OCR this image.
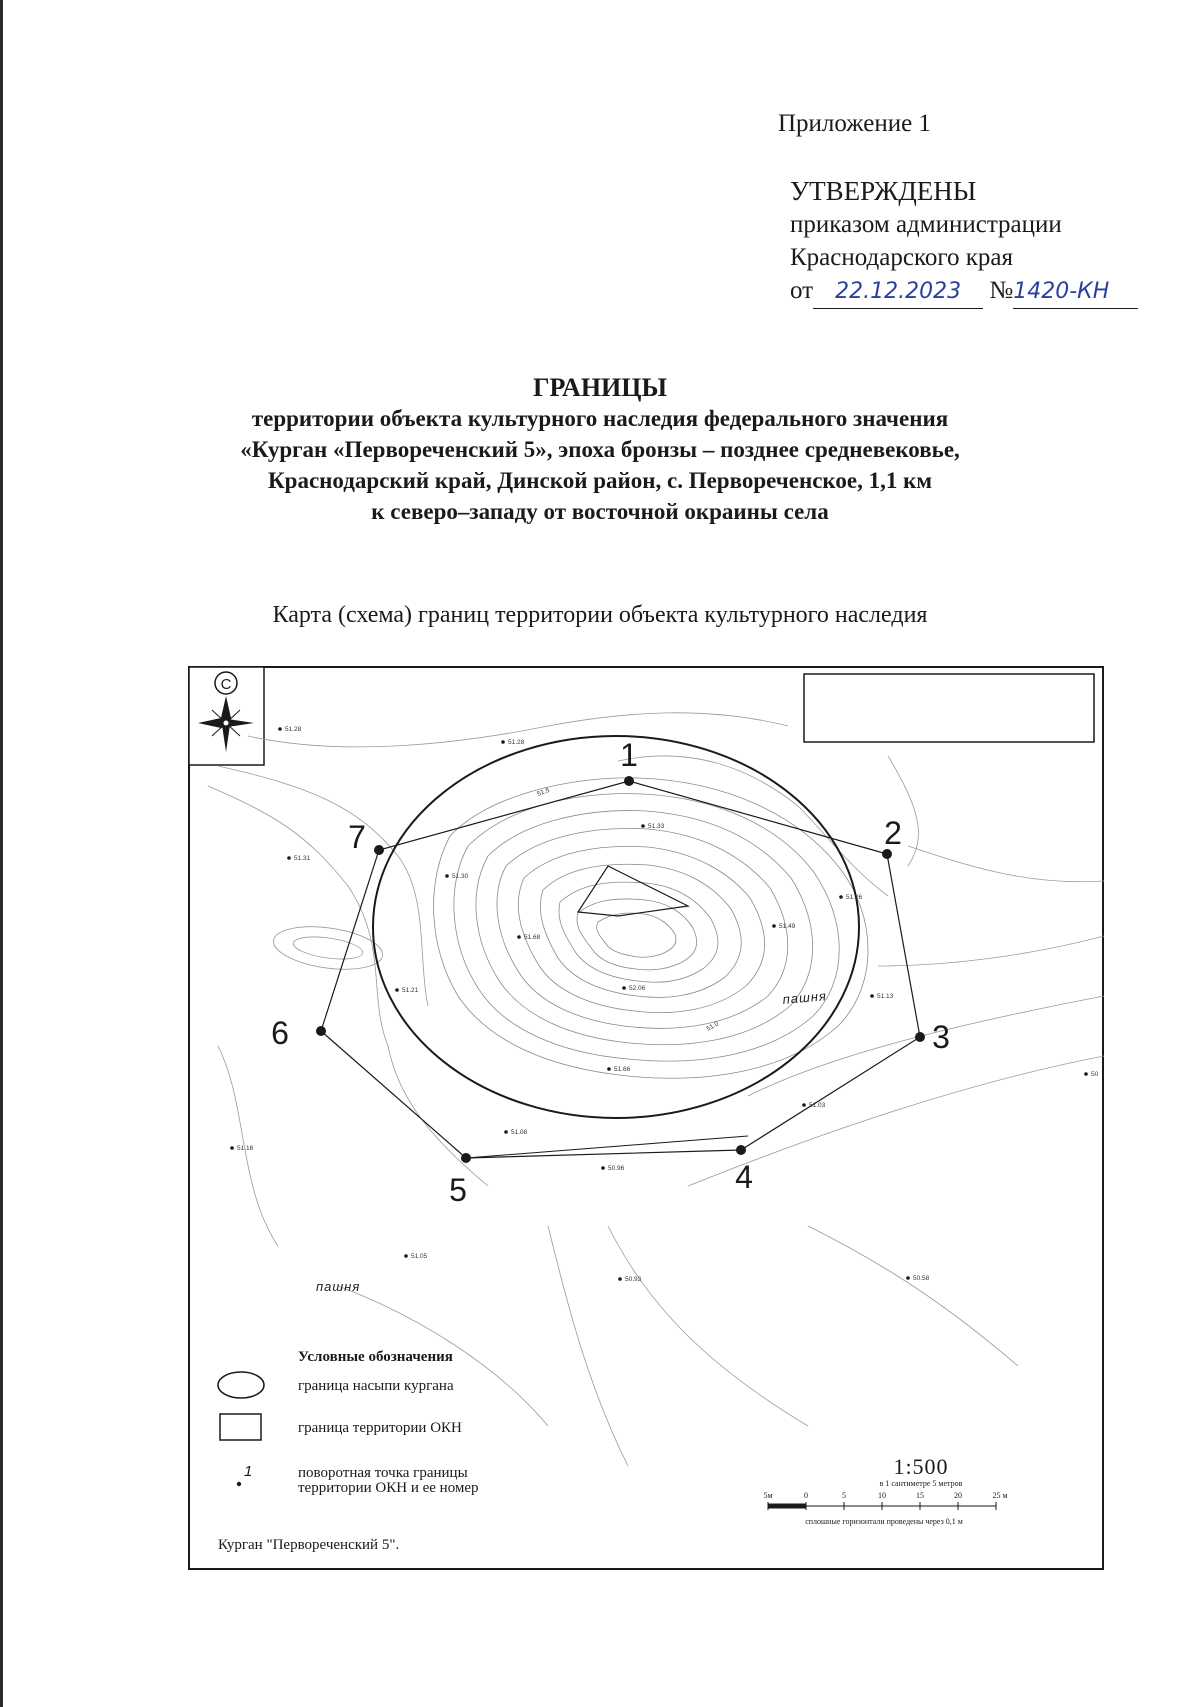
Приложение 1
УТВЕРЖДЕНЫ
приказом администрации
Краснодарского края
от 22.12.2023 №1420-КН
ГРАНИЦЫ
территории объекта культурного наследия федерального значения
«Курган «Первореченский 5», эпоха бронзы – позднее средневековье,
Краснодарский край, Динской район, с. Первореченское, 1,1 км
к северо–западу от восточной окраины села
Карта (схема) границ территории объекта культурного наследия
С
51.0
51.5
1
2
3
4
5
6
7
51.28
51.28
51.33
51.31
51.30
51.26
51.68
51.49
52.06
51.21
51.13
51.66
51.03
51.08
50.96
51.16
51.05
50.93	50.58
50
пашня
пашня
Условные обозначения
граница насыпи кургана
граница территории ОКН
1	поворотная точка границы
территории ОКН и ее номер
1:500
в 1 сантиметре 5 метров
5м	0	5	10	15	20	25 м
сплошные горизонтали проведены через 0,1 м
Курган "Первореченский 5".
